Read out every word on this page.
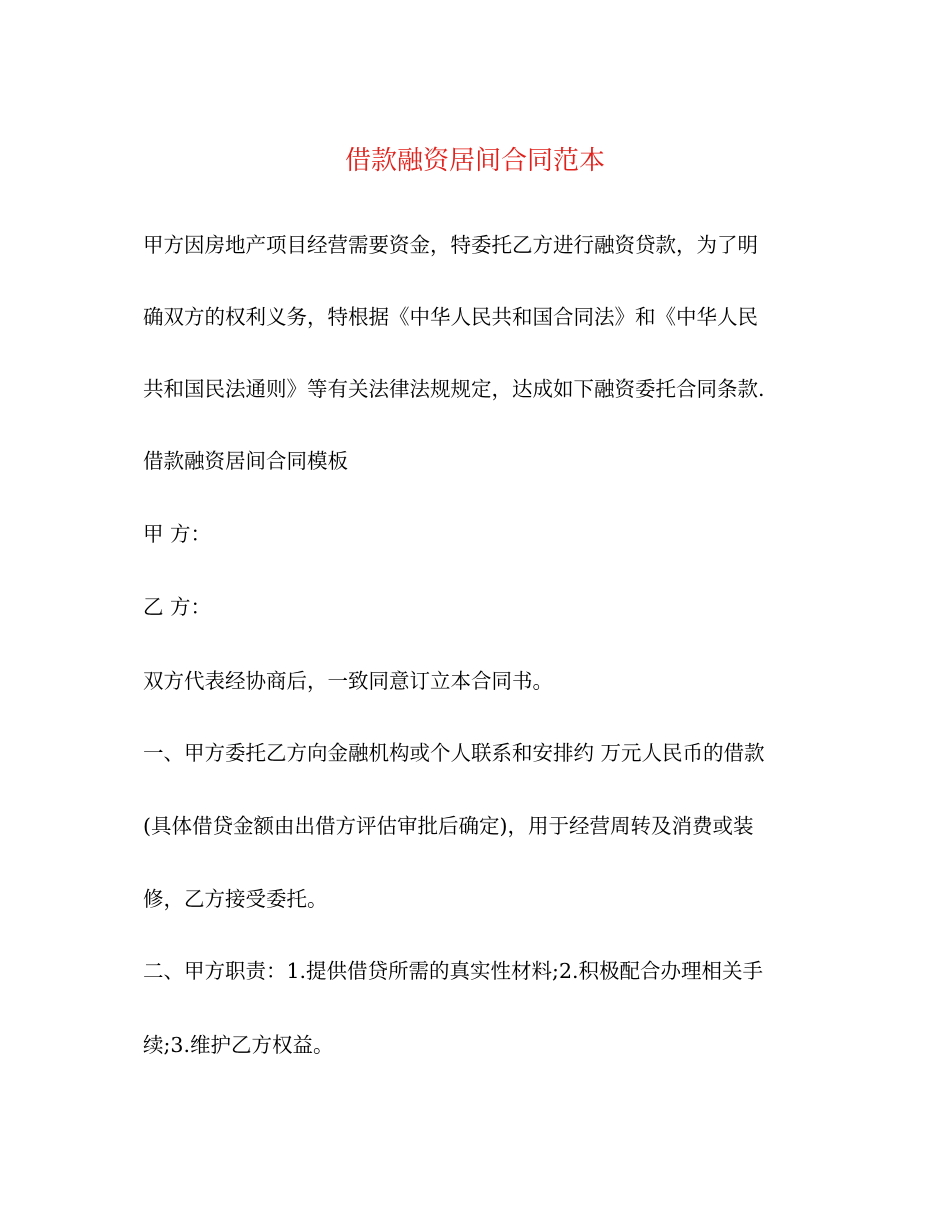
借款融资居间合同范本
甲方因房地产项目经营需要资金，特委托乙方进行融资贷款，为了明
确双方的权利义务，特根据《中华人民共和国合同法》和《中华人民
共和国民法通则》等有关法律法规规定，达成如下融资委托合同条款.
借款融资居间合同模板
甲 方：
乙 方：
双方代表经协商后，一致同意订立本合同书。
一、甲方委托乙方向金融机构或个人联系和安排约 万元人民币的借款
(具体借贷金额由出借方评估审批后确定)，用于经营周转及消费或装
修，乙方接受委托。
二、甲方职责：1.提供借贷所需的真实性材料;2.积极配合办理相关手
续;3.维护乙方权益。
